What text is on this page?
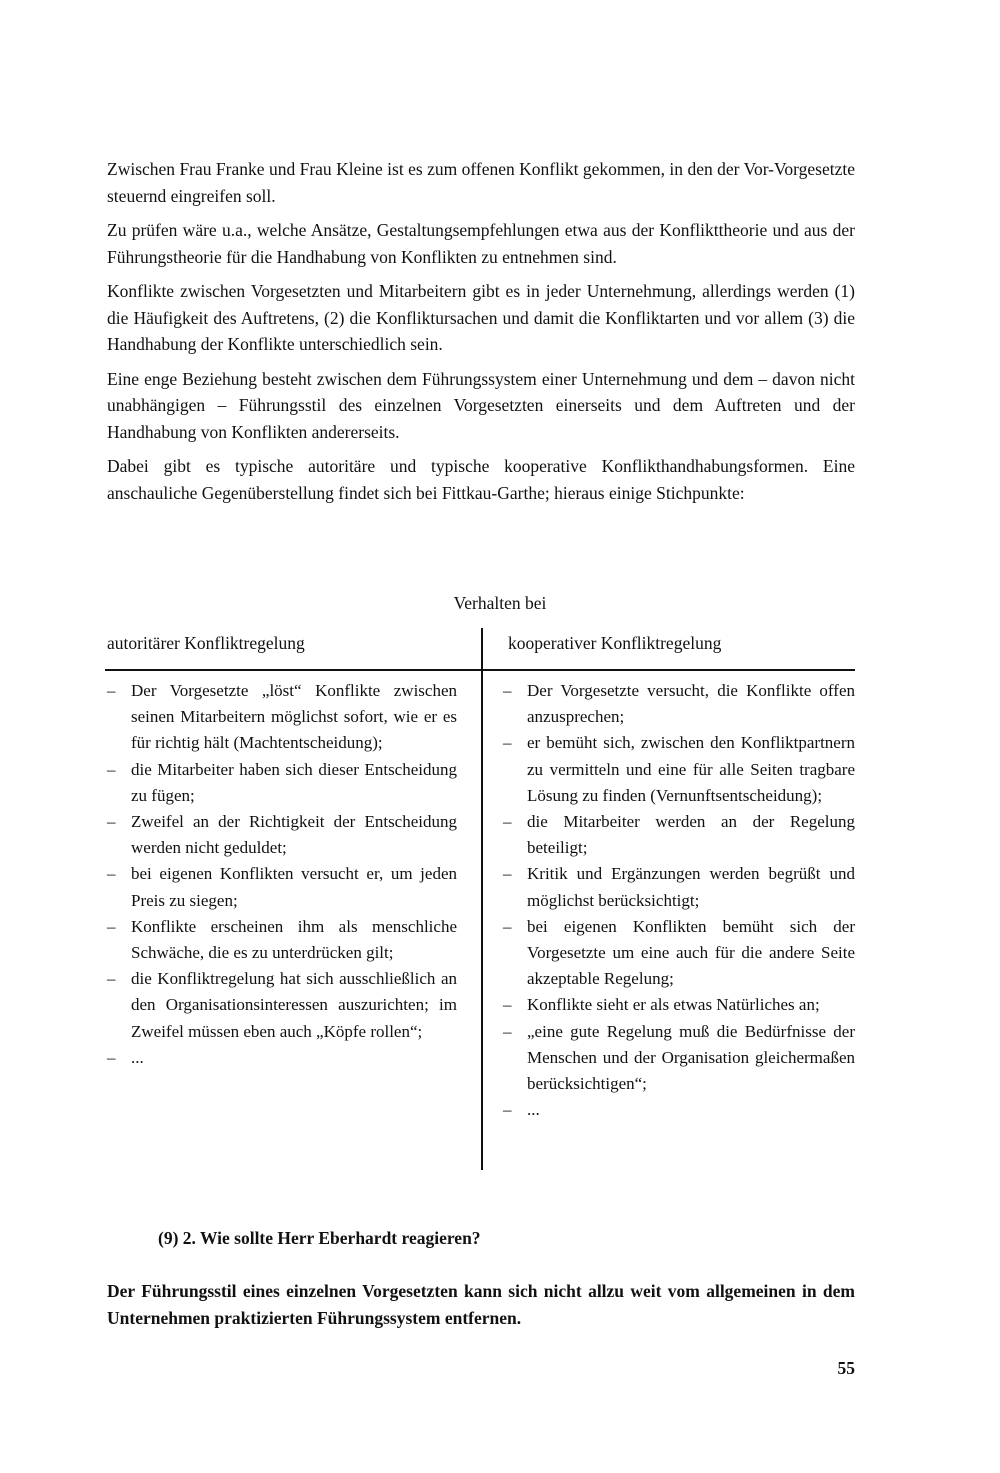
Zwischen Frau Franke und Frau Kleine ist es zum offenen Konflikt gekommen, in den der Vor-Vorgesetzte steuernd eingreifen soll.

Zu prüfen wäre u.a., welche Ansätze, Gestaltungsempfehlungen etwa aus der Konflikttheorie und aus der Führungstheorie für die Handhabung von Konflikten zu entnehmen sind.

Konflikte zwischen Vorgesetzten und Mitarbeitern gibt es in jeder Unternehmung, allerdings werden (1) die Häufigkeit des Auftretens, (2) die Konfliktursachen und damit die Konfliktarten und vor allem (3) die Handhabung der Konflikte unterschiedlich sein.

Eine enge Beziehung besteht zwischen dem Führungssystem einer Unternehmung und dem – davon nicht unabhängigen – Führungsstil des einzelnen Vorgesetzten einerseits und dem Auftreten und der Handhabung von Konflikten andererseits.

Dabei gibt es typische autoritäre und typische kooperative Konflikthandhabungsformen. Eine anschauliche Gegenüberstellung findet sich bei Fittkau-Garthe; hieraus einige Stichpunkte:

Verhalten bei
autoritärer Konfliktregelung	kooperativer Konfliktregelung
– Der Vorgesetzte „löst“ Konflikte zwischen seinen Mitarbeitern möglichst sofort, wie er es für richtig hält (Machtentscheidung);
– die Mitarbeiter haben sich dieser Entscheidung zu fügen;
– Zweifel an der Richtigkeit der Entscheidung werden nicht geduldet;
– bei eigenen Konflikten versucht er, um jeden Preis zu siegen;
– Konflikte erscheinen ihm als menschliche Schwäche, die es zu unterdrücken gilt;
– die Konfliktregelung hat sich ausschließlich an den Organisationsinteressen auszurichten; im Zweifel müssen eben auch „Köpfe rollen“;
– ...
– Der Vorgesetzte versucht, die Konflikte offen anzusprechen;
– er bemüht sich, zwischen den Konfliktpartnern zu vermitteln und eine für alle Seiten tragbare Lösung zu finden (Vernunftsentscheidung);
– die Mitarbeiter werden an der Regelung beteiligt;
– Kritik und Ergänzungen werden begrüßt und möglichst berücksichtigt;
– bei eigenen Konflikten bemüht sich der Vorgesetzte um eine auch für die andere Seite akzeptable Regelung;
– Konflikte sieht er als etwas Natürliches an;
– „eine gute Regelung muß die Bedürfnisse der Menschen und der Organisation gleichermaßen berücksichtigen“;
– ...
(9) 2. Wie sollte Herr Eberhardt reagieren?
Der Führungsstil eines einzelnen Vorgesetzten kann sich nicht allzu weit vom allgemeinen in dem Unternehmen praktizierten Führungssystem entfernen.
55
